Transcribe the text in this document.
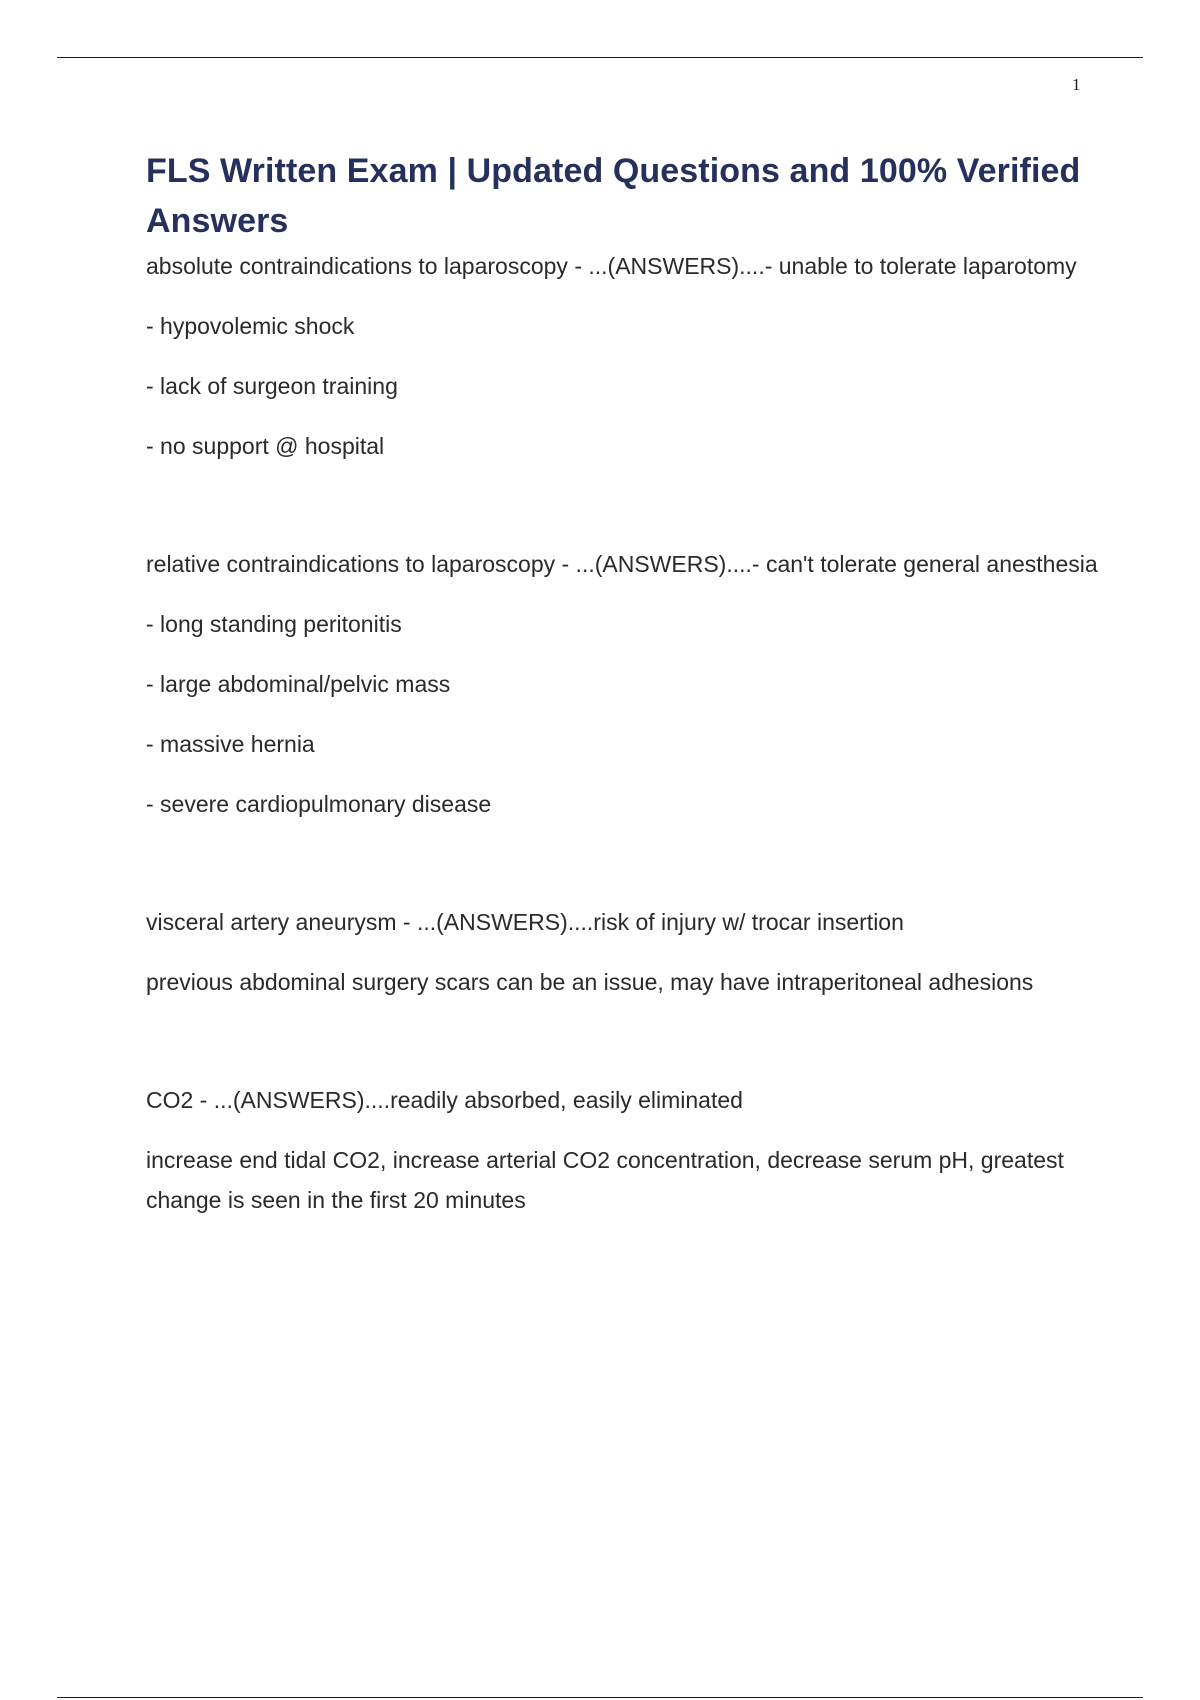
1
FLS Written Exam | Updated Questions and 100% Verified Answers

absolute contraindications to laparoscopy - ...(ANSWERS)....- unable to tolerate laparotomy

- hypovolemic shock

- lack of surgeon training

- no support @ hospital

relative contraindications to laparoscopy - ...(ANSWERS)....- can't tolerate general anesthesia

- long standing peritonitis

- large abdominal/pelvic mass

- massive hernia

- severe cardiopulmonary disease

visceral artery aneurysm - ...(ANSWERS)....risk of injury w/ trocar insertion

previous abdominal surgery scars can be an issue, may have intraperitoneal adhesions

CO2 - ...(ANSWERS)....readily absorbed, easily eliminated

increase end tidal CO2, increase arterial CO2 concentration, decrease serum pH, greatest change is seen in the first 20 minutes
